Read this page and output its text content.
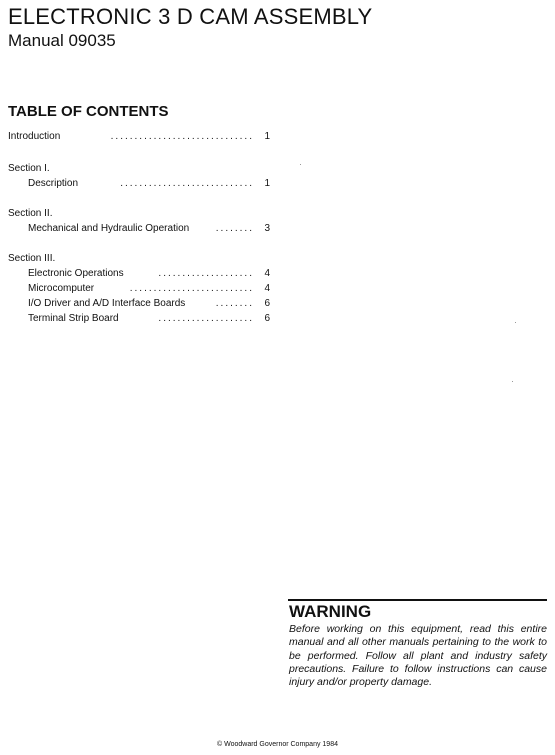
ELECTRONIC 3 D CAM ASSEMBLY
Manual 09035
TABLE OF CONTENTS
Introduction	..............................	1
Section I.
Description	............................	1
Section II.
Mechanical and Hydraulic Operation	........	3
Section III.
Electronic Operations	....................	4
Microcomputer	..........................	4
I/O Driver and A/D Interface Boards	........	6
Terminal Strip Board	....................	6
WARNING

Before working on this equipment, read this entire manual and all other manuals pertaining to the work to be performed. Follow all plant and industry safety precautions. Failure to follow instructions can cause injury and/or property damage.

© Woodward Governor Company 1984
